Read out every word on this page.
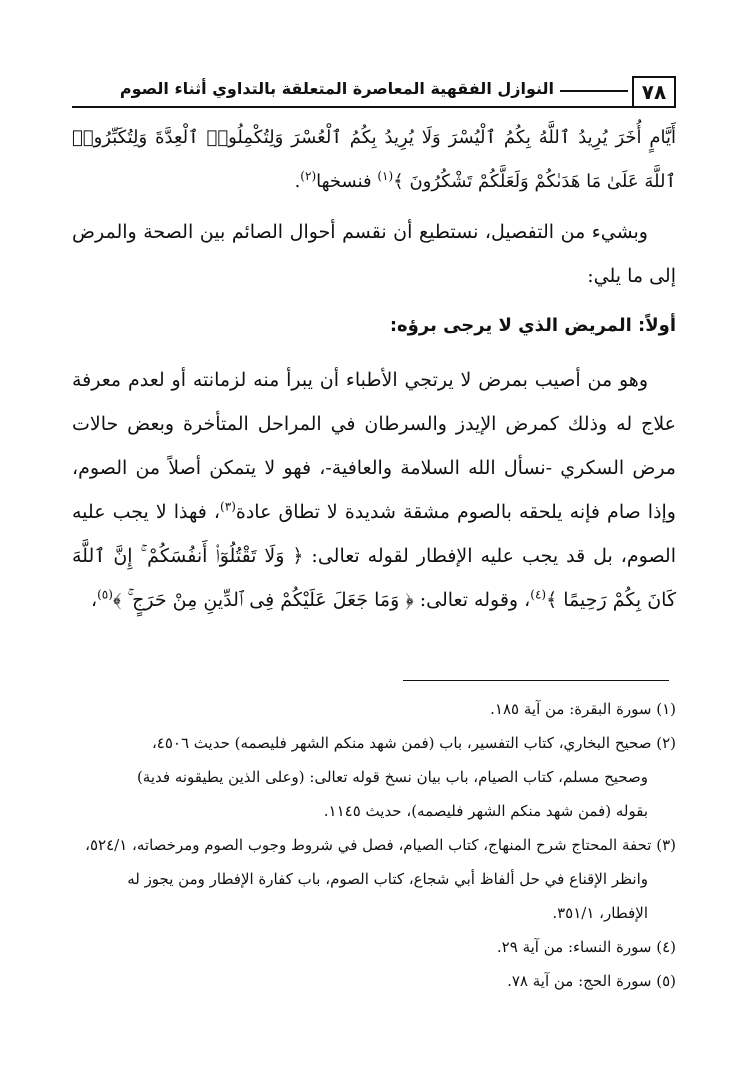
٧٨
النوازل الفقهية المعاصرة المتعلقة بالتداوي أثناء الصوم

أَيَّامٍ أُخَرَ يُرِيدُ ٱللَّهُ بِكُمُ ٱلْيُسْرَ وَلَا يُرِيدُ بِكُمُ ٱلْعُسْرَ وَلِتُكْمِلُوا۟ ٱلْعِدَّةَ وَلِتُكَبِّرُوا۟ ٱللَّهَ عَلَىٰ مَا هَدَىٰكُمْ وَلَعَلَّكُمْ تَشْكُرُونَ ﴾$^{(١)}$ فنسخها$^{(٢)}$.

وبشيء من التفصيل، نستطيع أن نقسم أحوال الصائم بين الصحة والمرض إلى ما يلي:

أولاً: المريض الذي لا يرجى برؤه:

وهو من أصيب بمرض لا يرتجي الأطباء أن يبرأ منه لزمانته أو لعدم معرفة علاج له وذلك كمرض الإيدز والسرطان في المراحل المتأخرة وبعض حالات مرض السكري -نسأل الله السلامة والعافية-، فهو لا يتمكن أصلاً من الصوم، وإذا صام فإنه يلحقه بالصوم مشقة شديدة لا تطاق عادة$^{(٣)}$، فهذا لا يجب عليه الصوم، بل قد يجب عليه الإفطار لقوله تعالى: ﴿ وَلَا تَقْتُلُوٓا۟ أَنفُسَكُمْ ۚ إِنَّ ٱللَّهَ كَانَ بِكُمْ رَحِيمًا ﴾$^{(٤)}$، وقوله تعالى: ﴿ وَمَا جَعَلَ عَلَيْكُمْ فِى ٱلدِّينِ مِنْ حَرَجٍ ۚ ﴾$^{(٥)}$،

(١) سورة البقرة: من آية ١٨٥.

(٢) صحيح البخاري، كتاب التفسير، باب (فمن شهد منكم الشهر فليصمه) حديث ٤٥٠٦،

وصحيح مسلم، كتاب الصيام، باب بيان نسخ قوله تعالى: (وعلى الذين يطيقونه فدية)

بقوله (فمن شهد منكم الشهر فليصمه)، حديث ١١٤٥.

(٣) تحفة المحتاج شرح المنهاج، كتاب الصيام، فصل في شروط وجوب الصوم ومرخصاته، ٥٢٤/١،

وانظر الإقناع في حل ألفاظ أبي شجاع، كتاب الصوم، باب كفارة الإفطار ومن يجوز له

الإفطار، ٣٥١/١.

(٤) سورة النساء: من آية ٢٩.

(٥) سورة الحج: من آية ٧٨.
